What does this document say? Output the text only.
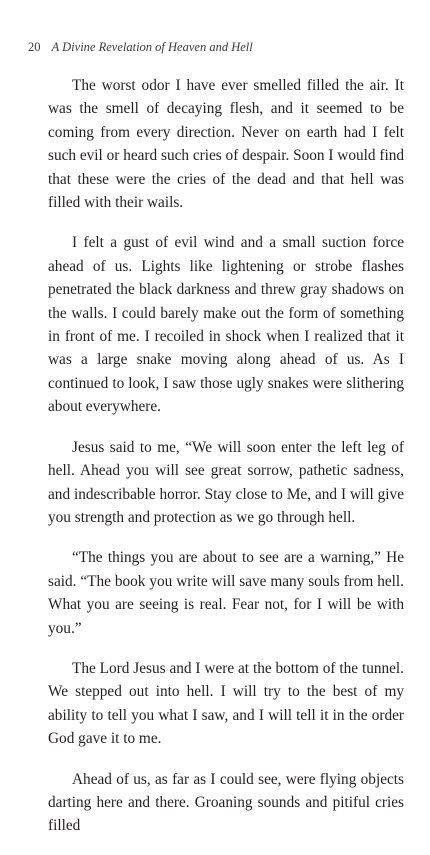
20 A Divine Revelation of Heaven and Hell

The worst odor I have ever smelled filled the air. It was the smell of decaying flesh, and it seemed to be coming from every direction. Never on earth had I felt such evil or heard such cries of despair. Soon I would find that these were the cries of the dead and that hell was filled with their wails.

I felt a gust of evil wind and a small suction force ahead of us. Lights like lightening or strobe flashes penetrated the black darkness and threw gray shadows on the walls. I could barely make out the form of something in front of me. I recoiled in shock when I realized that it was a large snake moving along ahead of us. As I continued to look, I saw those ugly snakes were slithering about everywhere.

Jesus said to me, “We will soon enter the left leg of hell. Ahead you will see great sorrow, pathetic sadness, and indescribable horror. Stay close to Me, and I will give you strength and protection as we go through hell.

“The things you are about to see are a warning,” He said. “The book you write will save many souls from hell. What you are seeing is real. Fear not, for I will be with you.”

The Lord Jesus and I were at the bottom of the tunnel. We stepped out into hell. I will try to the best of my ability to tell you what I saw, and I will tell it in the order God gave it to me.

Ahead of us, as far as I could see, were flying objects darting here and there. Groaning sounds and pitiful cries filled
